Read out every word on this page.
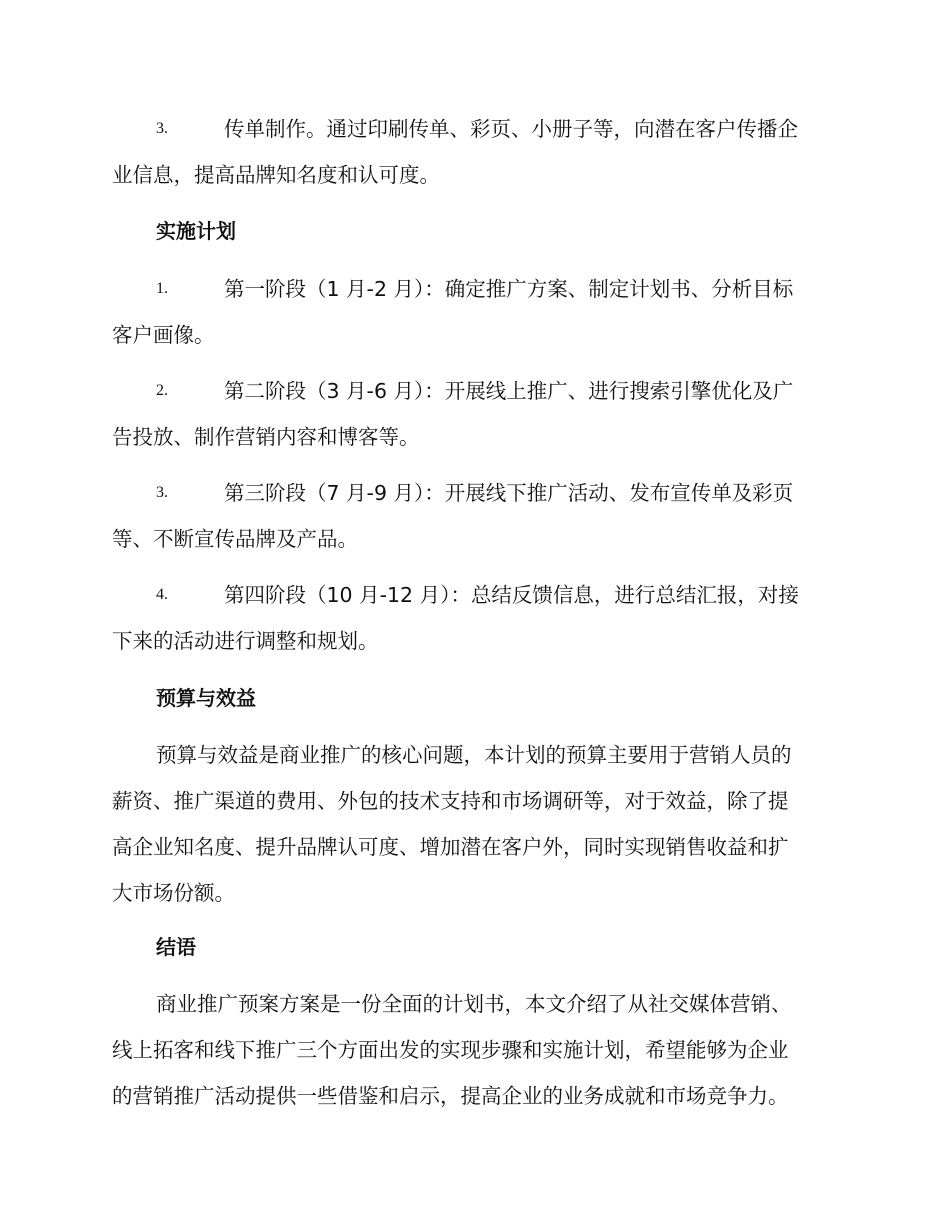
3.	传单制作。通过印刷传单、彩页、小册子等，向潜在客户传播企
业信息，提高品牌知名度和认可度。
实施计划
1.	第一阶段（1 月-2 月）：确定推广方案、制定计划书、分析目标
客户画像。
2.	第二阶段（3 月-6 月）：开展线上推广、进行搜索引擎优化及广
告投放、制作营销内容和博客等。
3.	第三阶段（7 月-9 月）：开展线下推广活动、发布宣传单及彩页
等、不断宣传品牌及产品。
4.	第四阶段（10 月-12 月）：总结反馈信息，进行总结汇报，对接
下来的活动进行调整和规划。
预算与效益
预算与效益是商业推广的核心问题，本计划的预算主要用于营销人员的
薪资、推广渠道的费用、外包的技术支持和市场调研等，对于效益，除了提
高企业知名度、提升品牌认可度、增加潜在客户外，同时实现销售收益和扩
大市场份额。
结语
商业推广预案方案是一份全面的计划书，本文介绍了从社交媒体营销、
线上拓客和线下推广三个方面出发的实现步骤和实施计划，希望能够为企业
的营销推广活动提供一些借鉴和启示，提高企业的业务成就和市场竞争力。
